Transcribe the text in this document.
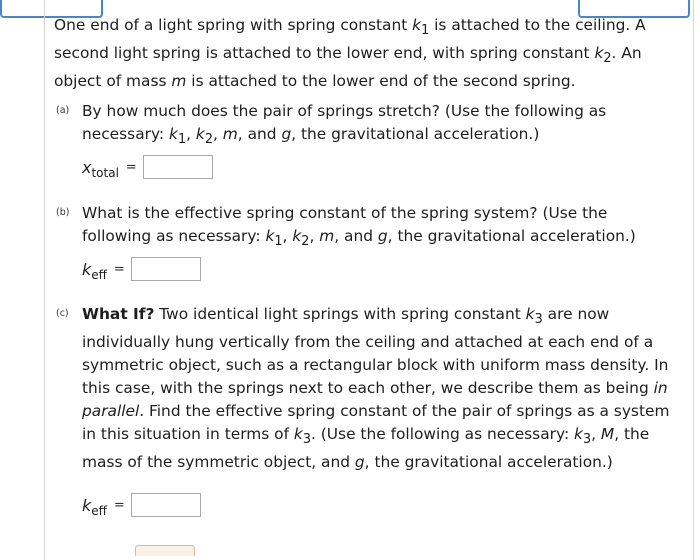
One end of a light spring with spring constant $k_1$ is attached to the ceiling. A second light spring is attached to the lower end, with spring constant $k_2$. An object of mass m is attached to the lower end of the second spring.

(a) By how much does the pair of springs stretch? (Use the following as necessary: $k_1$, $k_2$, m, and g, the gravitational acceleration.)

$x_{total}$ =
(b) What is the effective spring constant of the spring system? (Use the following as necessary: $k_1$, $k_2$, m, and g, the gravitational acceleration.)

$k_{eff}$ =
(c) What If? Two identical light springs with spring constant $k_3$ are now individually hung vertically from the ceiling and attached at each end of a symmetric object, such as a rectangular block with uniform mass density. In this case, with the springs next to each other, we describe them as being in parallel. Find the effective spring constant of the pair of springs as a system in this situation in terms of $k_3$. (Use the following as necessary: $k_3$, M, the mass of the symmetric object, and g, the gravitational acceleration.)

$k_{eff}$ =
